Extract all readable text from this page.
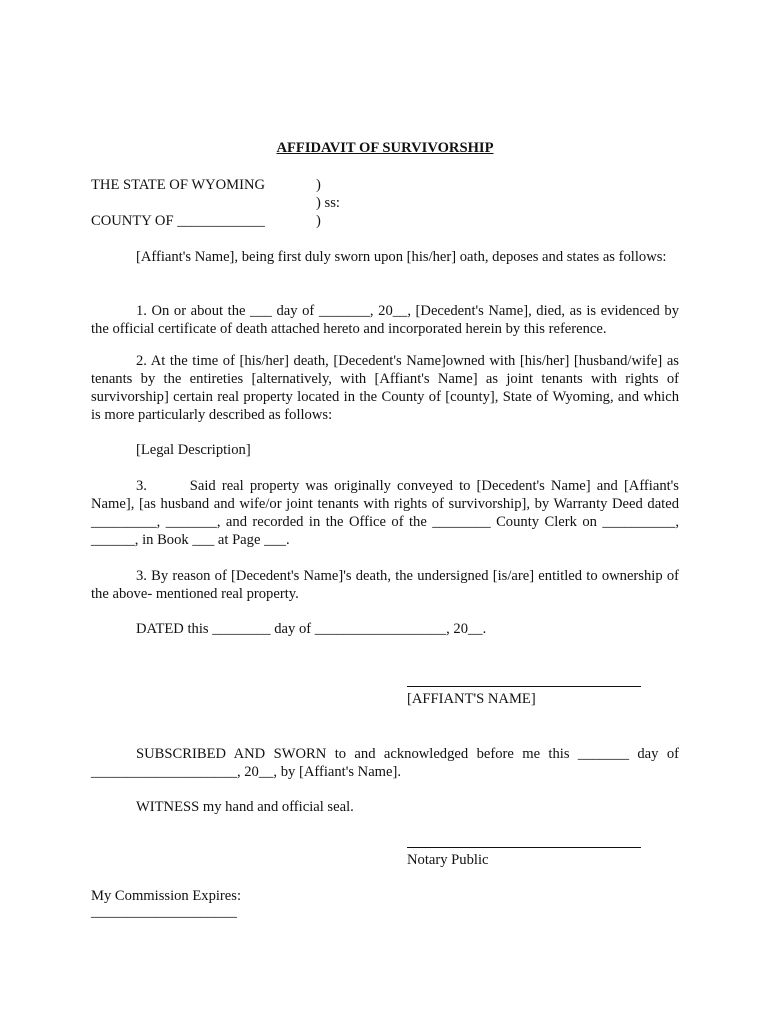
AFFIDAVIT OF SURVIVORSHIP

THE STATE OF WYOMING	)

) ss:

COUNTY OF ____________	)

[Affiant's Name], being first duly sworn upon [his/her] oath, deposes and states as follows:

1. On or about the ___ day of _______, 20__, [Decedent's Name], died, as is evidenced by the official certificate of death attached hereto and incorporated herein by this reference.

2. At the time of [his/her] death, [Decedent's Name]owned with [his/her] [husband/wife] as tenants by the entireties [alternatively, with [Affiant's Name] as joint tenants with rights of survivorship] certain real property located in the County of [county], State of Wyoming, and which is more particularly described as follows:

[Legal Description]

3.       Said real property was originally conveyed to [Decedent's Name] and [Affiant's Name], [as husband and wife/or joint tenants with rights of survivorship], by Warranty Deed dated _________, _______, and recorded in the Office of the ________ County Clerk on __________, ______, in Book ___ at Page ___.

3. By reason of [Decedent's Name]'s death, the undersigned [is/are] entitled to ownership of the above- mentioned real property.

DATED this ________ day of __________________, 20__.

[AFFIANT'S NAME]

SUBSCRIBED AND SWORN to and acknowledged before me this _______ day of ____________________, 20__, by [Affiant's Name].

WITNESS my hand and official seal.

Notary Public

My Commission Expires:

____________________
